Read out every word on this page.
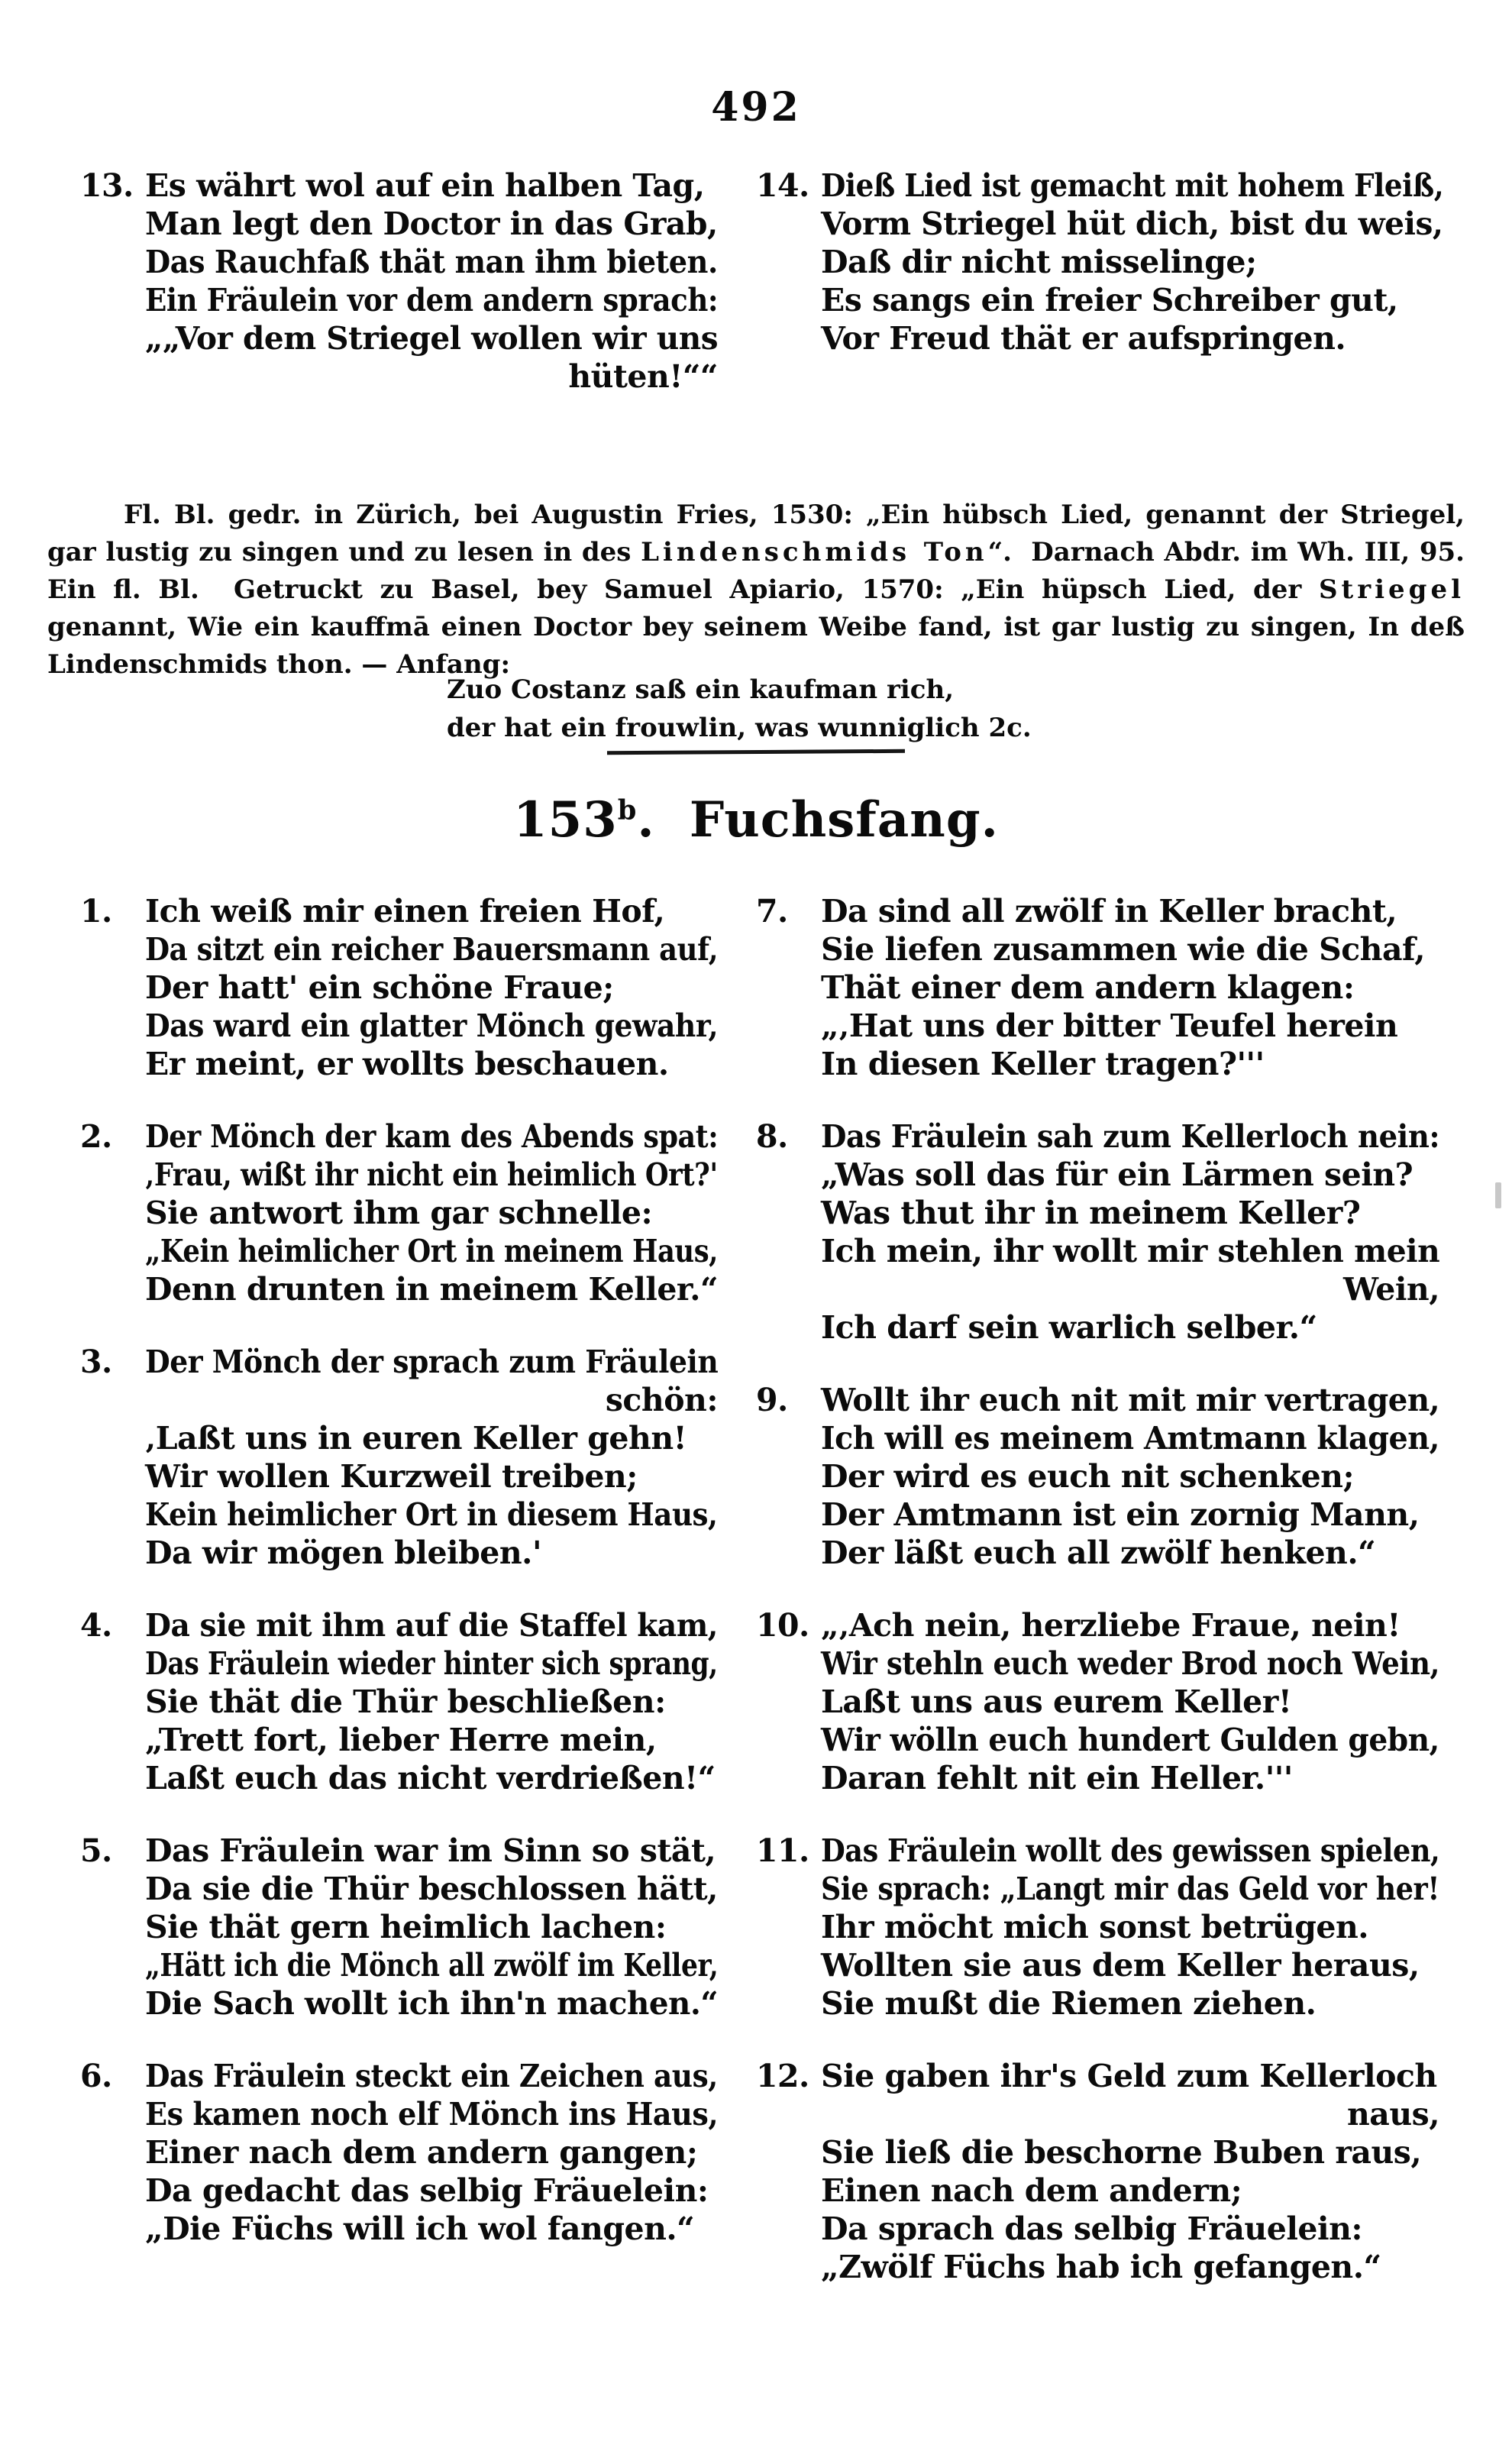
492
13. Es währt wol auf ein halben Tag,
Man legt den Doctor in das Grab,
Das Rauchfaß thät man ihm bieten.
Ein Fräulein vor dem andern sprach:
„„Vor dem Striegel wollen wir uns
hüten!““
14. Dieß Lied ist gemacht mit hohem Fleiß,
Vorm Striegel hüt dich, bist du weis,
Daß dir nicht misselinge;
Es sangs ein freier Schreiber gut,
Vor Freud thät er aufspringen.
Fl. Bl. gedr. in Zürich, bei Augustin Fries, 1530: „Ein hübsch Lied, genannt der Striegel,
gar lustig zu singen und zu lesen in des Lindenschmids Ton“.  Darnach Abdr. im Wh. III, 95.
Ein fl. Bl.  Getruckt zu Basel, bey Samuel Apiario, 1570: „Ein hüpsch Lied, der Striegel
genannt, Wie ein kauffmā einen Doctor bey seinem Weibe fand, ist gar lustig zu singen, In deß
Lindenschmids thon. — Anfang:
Zuo Costanz saß ein kaufman rich,
der hat ein frouwlin, was wunniglich 2c.
153$^b$. Fuchsfang.
1. Ich weiß mir einen freien Hof,
Da sitzt ein reicher Bauersmann auf,
Der hatt' ein schöne Fraue;
Das ward ein glatter Mönch gewahr,
Er meint, er wollts beschauen.
2. Der Mönch der kam des Abends spat:
‚Frau, wißt ihr nicht ein heimlich Ort?'
Sie antwort ihm gar schnelle:
„Kein heimlicher Ort in meinem Haus,
Denn drunten in meinem Keller.“
3. Der Mönch der sprach zum Fräulein
schön:
‚Laßt uns in euren Keller gehn!
Wir wollen Kurzweil treiben;
Kein heimlicher Ort in diesem Haus,
Da wir mögen bleiben.'
4. Da sie mit ihm auf die Staffel kam,
Das Fräulein wieder hinter sich sprang,
Sie thät die Thür beschließen:
„Trett fort, lieber Herre mein,
Laßt euch das nicht verdrießen!“
5. Das Fräulein war im Sinn so stät,
Da sie die Thür beschlossen hätt,
Sie thät gern heimlich lachen:
„Hätt ich die Mönch all zwölf im Keller,
Die Sach wollt ich ihn'n machen.“
6. Das Fräulein steckt ein Zeichen aus,
Es kamen noch elf Mönch ins Haus,
Einer nach dem andern gangen;
Da gedacht das selbig Fräuelein:
„Die Füchs will ich wol fangen.“
7. Da sind all zwölf in Keller bracht,
Sie liefen zusammen wie die Schaf,
Thät einer dem andern klagen:
„‚Hat uns der bitter Teufel herein
In diesen Keller tragen?'''
8. Das Fräulein sah zum Kellerloch nein:
„Was soll das für ein Lärmen sein?
Was thut ihr in meinem Keller?
Ich mein, ihr wollt mir stehlen mein
Wein,
Ich darf sein warlich selber.“
9. Wollt ihr euch nit mit mir vertragen,
Ich will es meinem Amtmann klagen,
Der wird es euch nit schenken;
Der Amtmann ist ein zornig Mann,
Der läßt euch all zwölf henken.“
10. „‚Ach nein, herzliebe Fraue, nein!
Wir stehln euch weder Brod noch Wein,
Laßt uns aus eurem Keller!
Wir wölln euch hundert Gulden gebn,
Daran fehlt nit ein Heller.'''
11. Das Fräulein wollt des gewissen spielen,
Sie sprach: „Langt mir das Geld vor her!
Ihr möcht mich sonst betrügen.
Wollten sie aus dem Keller heraus,
Sie mußt die Riemen ziehen.
12. Sie gaben ihr's Geld zum Kellerloch
naus,
Sie ließ die beschorne Buben raus,
Einen nach dem andern;
Da sprach das selbig Fräuelein:
„Zwölf Füchs hab ich gefangen.“
